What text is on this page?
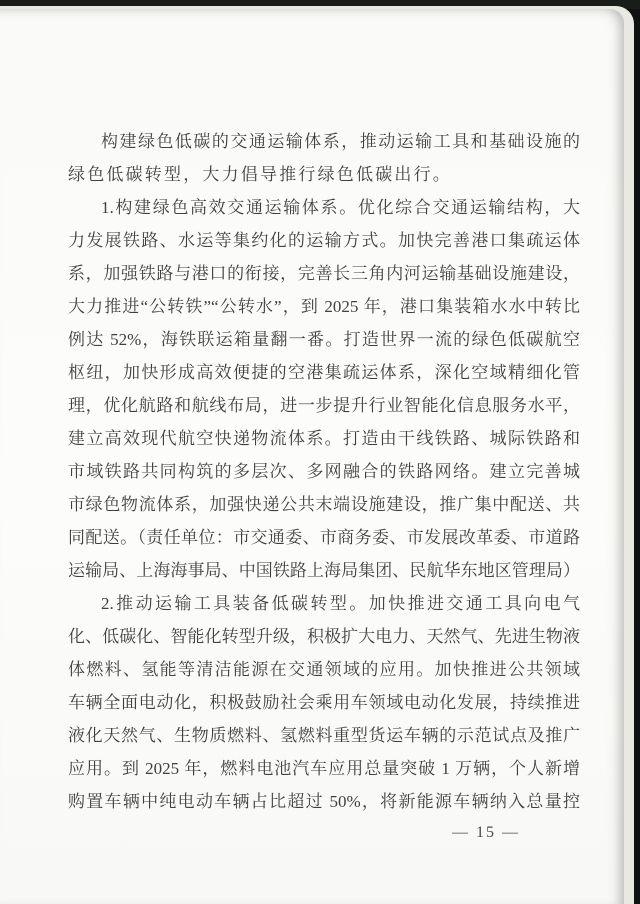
构建绿色低碳的交通运输体系，推动运输工具和基础设施的
绿色低碳转型，大力倡导推行绿色低碳出行。
1.构建绿色高效交通运输体系。优化综合交通运输结构，大
力发展铁路、水运等集约化的运输方式。加快完善港口集疏运体
系，加强铁路与港口的衔接，完善长三角内河运输基础设施建设，
大力推进“公转铁”“公转水”，到 2025 年，港口集装箱水水中转比
例达 52%，海铁联运箱量翻一番。打造世界一流的绿色低碳航空
枢纽，加快形成高效便捷的空港集疏运体系，深化空域精细化管
理，优化航路和航线布局，进一步提升行业智能化信息服务水平，
建立高效现代航空快递物流体系。打造由干线铁路、城际铁路和
市域铁路共同构筑的多层次、多网融合的铁路网络。建立完善城
市绿色物流体系，加强快递公共末端设施建设，推广集中配送、共
同配送。（责任单位：市交通委、市商务委、市发展改革委、市道路
运输局、上海海事局、中国铁路上海局集团、民航华东地区管理局）
2.推动运输工具装备低碳转型。加快推进交通工具向电气
化、低碳化、智能化转型升级，积极扩大电力、天然气、先进生物液
体燃料、氢能等清洁能源在交通领域的应用。加快推进公共领域
车辆全面电动化，积极鼓励社会乘用车领域电动化发展，持续推进
液化天然气、生物质燃料、氢燃料重型货运车辆的示范试点及推广
应用。到 2025 年，燃料电池汽车应用总量突破 1 万辆，个人新增
购置车辆中纯电动车辆占比超过 50%，将新能源车辆纳入总量控
— 15 —
